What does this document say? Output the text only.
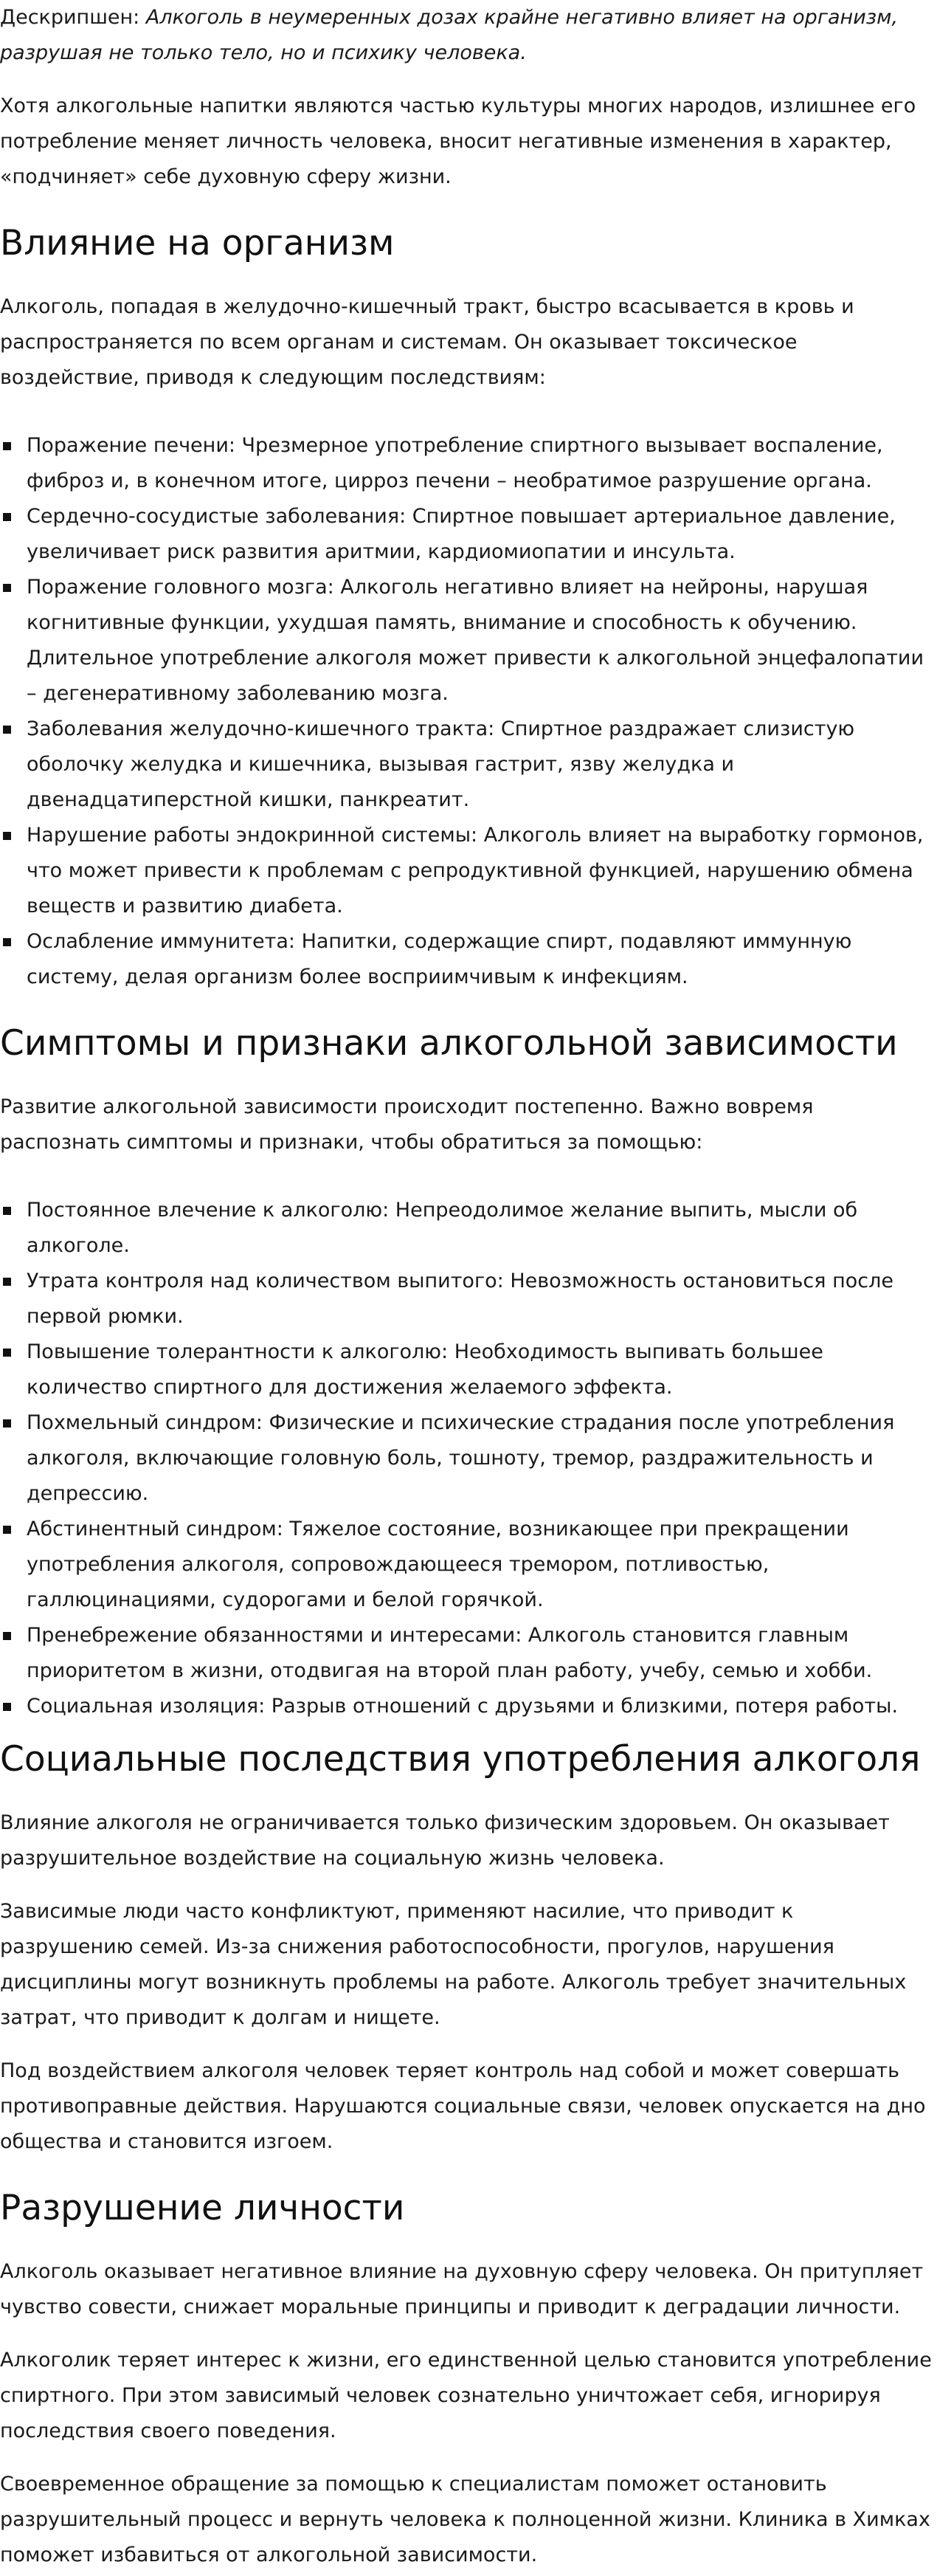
Дескрипшен: Алкоголь в неумеренных дозах крайне негативно влияет на организм, разрушая не только тело, но и психику человека.

Хотя алкогольные напитки являются частью культуры многих народов, излишнее его потребление меняет личность человека, вносит негативные изменения в характер, «подчиняет» себе духовную сферу жизни.

Влияние на организм

Алкоголь, попадая в желудочно-кишечный тракт, быстро всасывается в кровь и распространяется по всем органам и системам. Он оказывает токсическое воздействие, приводя к следующим последствиям:

Поражение печени: Чрезмерное употребление спиртного вызывает воспаление, фиброз и, в конечном итоге, цирроз печени – необратимое разрушение органа.
Сердечно-сосудистые заболевания: Спиртное повышает артериальное давление, увеличивает риск развития аритмии, кардиомиопатии и инсульта.
Поражение головного мозга: Алкоголь негативно влияет на нейроны, нарушая когнитивные функции, ухудшая память, внимание и способность к обучению. Длительное употребление алкоголя может привести к алкогольной энцефалопатии – дегенеративному заболеванию мозга.
Заболевания желудочно-кишечного тракта: Спиртное раздражает слизистую оболочку желудка и кишечника, вызывая гастрит, язву желудка и двенадцатиперстной кишки, панкреатит.
Нарушение работы эндокринной системы: Алкоголь влияет на выработку гормонов, что может привести к проблемам с репродуктивной функцией, нарушению обмена веществ и развитию диабета.
Ослабление иммунитета: Напитки, содержащие спирт, подавляют иммунную систему, делая организм более восприимчивым к инфекциям.
Симптомы и признаки алкогольной зависимости

Развитие алкогольной зависимости происходит постепенно. Важно вовремя распознать симптомы и признаки, чтобы обратиться за помощью:

Постоянное влечение к алкоголю: Непреодолимое желание выпить, мысли об алкоголе.
Утрата контроля над количеством выпитого: Невозможность остановиться после первой рюмки.
Повышение толерантности к алкоголю: Необходимость выпивать большее количество спиртного для достижения желаемого эффекта.
Похмельный синдром: Физические и психические страдания после употребления алкоголя, включающие головную боль, тошноту, тремор, раздражительность и депрессию.
Абстинентный синдром: Тяжелое состояние, возникающее при прекращении употребления алкоголя, сопровождающееся тремором, потливостью, галлюцинациями, судорогами и белой горячкой.
Пренебрежение обязанностями и интересами: Алкоголь становится главным приоритетом в жизни, отодвигая на второй план работу, учебу, семью и хобби.
Социальная изоляция: Разрыв отношений с друзьями и близкими, потеря работы.
Социальные последствия употребления алкоголя

Влияние алкоголя не ограничивается только физическим здоровьем. Он оказывает разрушительное воздействие на социальную жизнь человека.

Зависимые люди часто конфликтуют, применяют насилие, что приводит к разрушению семей. Из-за снижения работоспособности, прогулов, нарушения дисциплины могут возникнуть проблемы на работе. Алкоголь требует значительных затрат, что приводит к долгам и нищете.

Под воздействием алкоголя человек теряет контроль над собой и может совершать противоправные действия. Нарушаются социальные связи, человек опускается на дно общества и становится изгоем.

Разрушение личности

Алкоголь оказывает негативное влияние на духовную сферу человека. Он притупляет чувство совести, снижает моральные принципы и приводит к деградации личности.

Алкоголик теряет интерес к жизни, его единственной целью становится употребление спиртного. При этом зависимый человек сознательно уничтожает себя, игнорируя последствия своего поведения.

Своевременное обращение за помощью к специалистам поможет остановить разрушительный процесс и вернуть человека к полноценной жизни. Клиника в Химках поможет избавиться от алкогольной зависимости.
